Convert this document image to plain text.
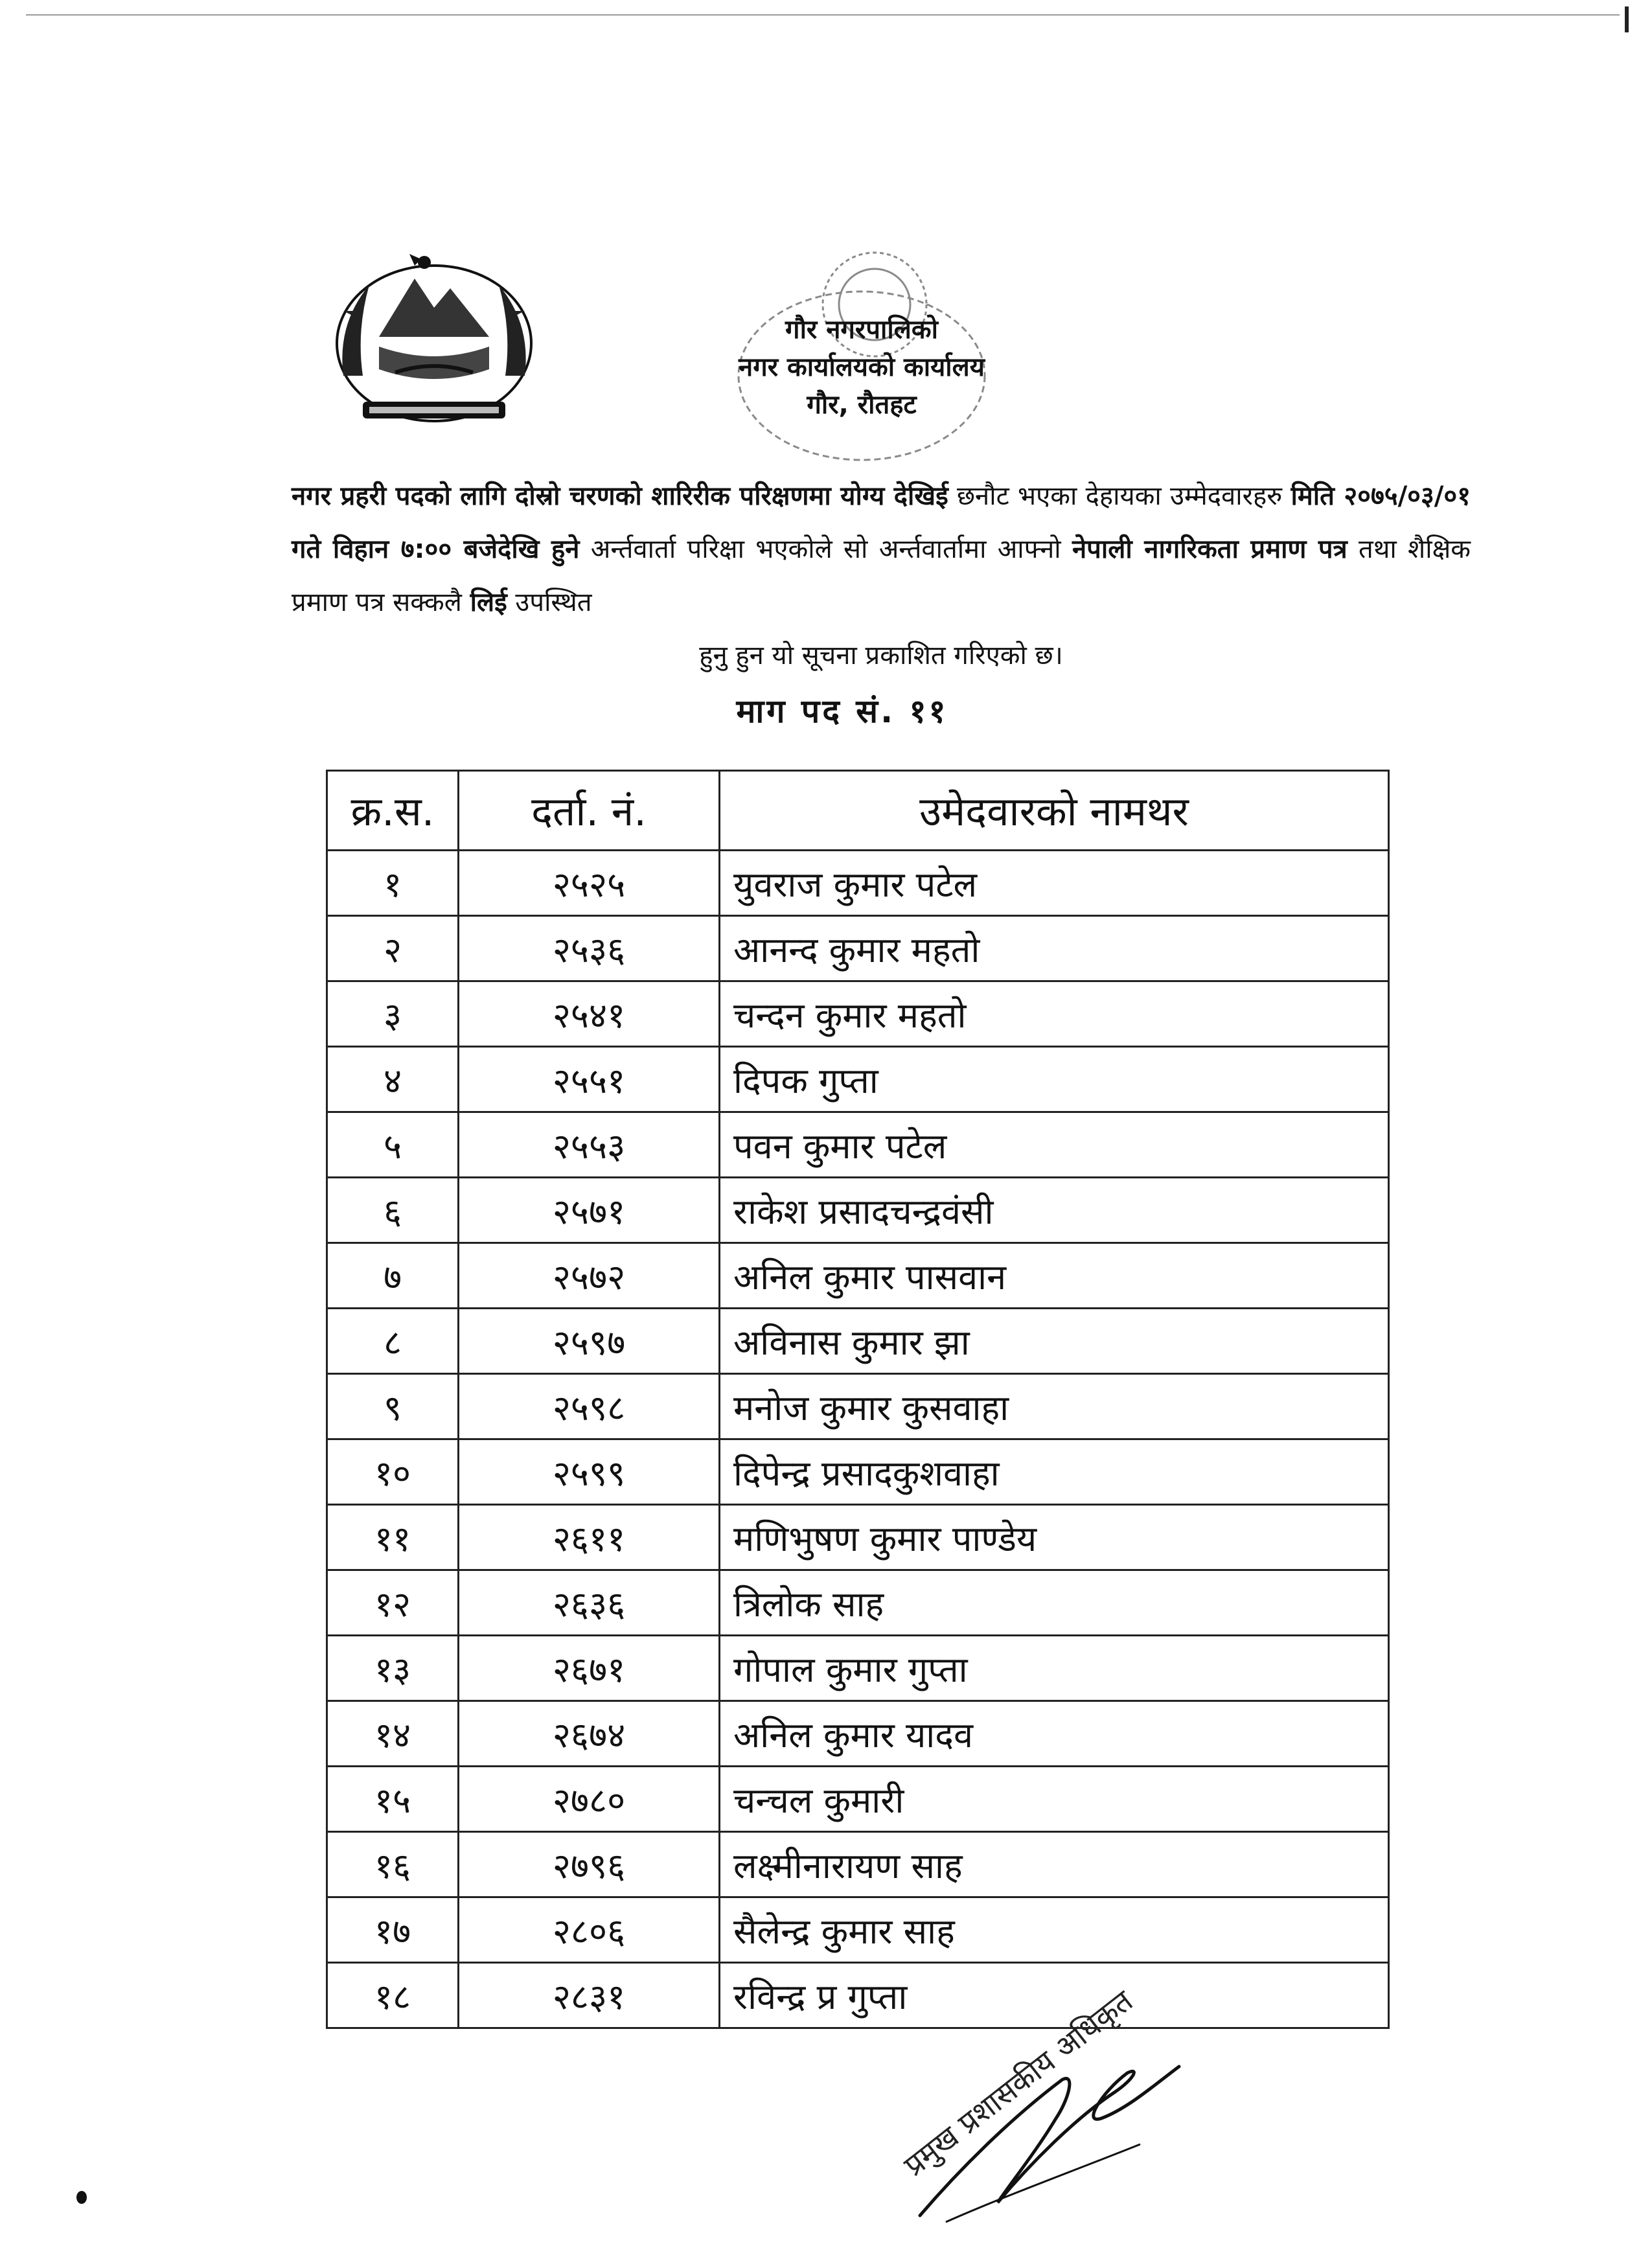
गौर नगरपालिको
नगर कार्यालयको कार्यालय
गौर, रौतहट
नगर प्रहरी पदको लागि दोस्रो चरणको शारिरीक परिक्षणमा योग्य देखिई छनौट भएका देहायका उम्मेदवारहरु मिति २०७५/०३/०१ गते विहान ७:०० बजेदेखि हुने अर्न्तवार्ता परिक्षा भएकोले सो अर्न्तवार्तामा आफ्नो नेपाली नागरिकता प्रमाण पत्र तथा शैक्षिक प्रमाण पत्र सक्कलै लिई उपस्थित
हुनु हुन यो सूचना प्रकाशित गरिएको छ।
माग पद सं. ११
क्र.स.	दर्ता. नं.	उमेदवारको नामथर
१	२५२५	युवराज कुमार पटेल
२	२५३६	आनन्द कुमार महतो
३	२५४१	चन्दन कुमार महतो
४	२५५१	दिपक गुप्ता
५	२५५३	पवन कुमार पटेल
६	२५७१	राकेश प्रसादचन्द्रवंसी
७	२५७२	अनिल कुमार पासवान
८	२५९७	अविनास कुमार झा
९	२५९८	मनोज कुमार कुसवाहा
१०	२५९९	दिपेन्द्र प्रसादकुशवाहा
११	२६११	मणिभुषण कुमार पाण्डेय
१२	२६३६	त्रिलोक साह
१३	२६७१	गोपाल कुमार गुप्ता
१४	२६७४	अनिल कुमार यादव
१५	२७८०	चन्चल कुमारी
१६	२७९६	लक्ष्मीनारायण साह
१७	२८०६	सैलेन्द्र कुमार साह
१८	२८३१	रविन्द्र प्र गुप्ता
प्रमुख प्रशासकीय अधिकृत
